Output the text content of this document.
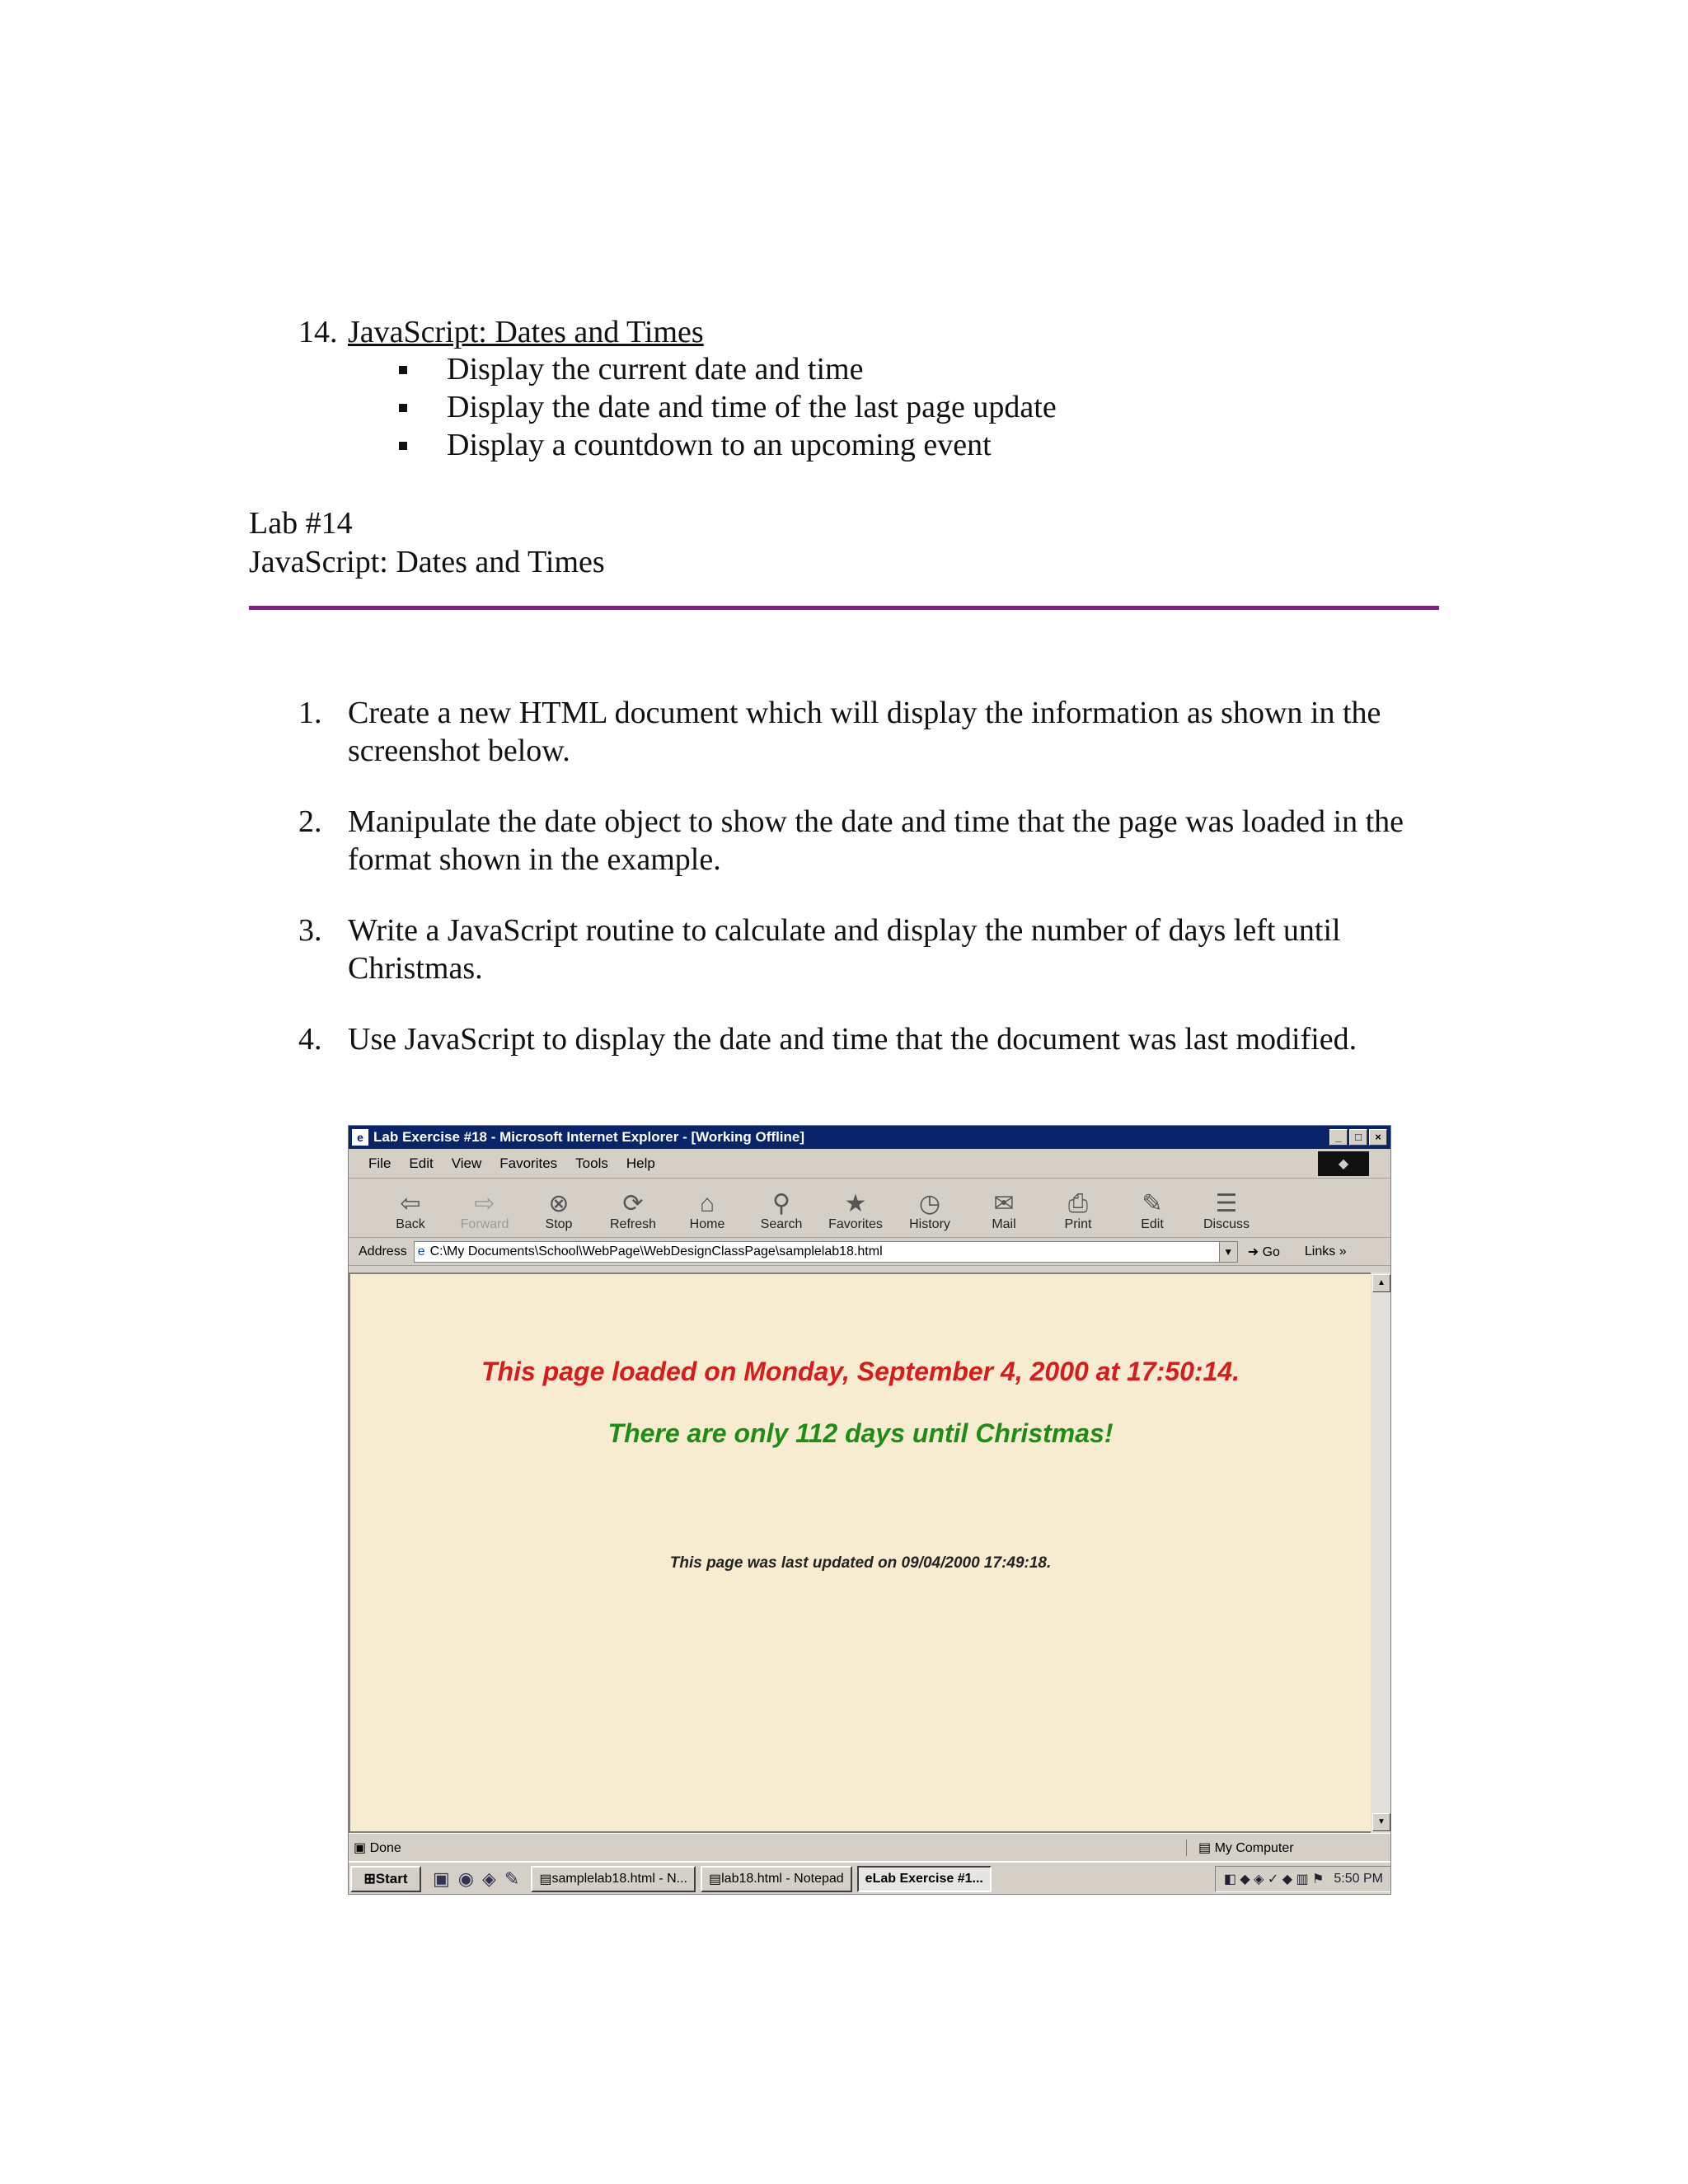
14. JavaScript: Dates and Times
Display the current date and time
Display the date and time of the last page update
Display a countdown to an upcoming event
Lab #14
JavaScript: Dates and Times
1. Create a new HTML document which will display the information as shown in the screenshot below.
2. Manipulate the date object to show the date and time that the page was loaded in the format shown in the example.
3. Write a JavaScript routine to calculate and display the number of days left until Christmas.
4. Use JavaScript to display the date and time that the document was last modified.
e Lab Exercise #18 - Microsoft Internet Explorer - [Working Offline]	_	□	×
File Edit View Favorites Tools Help	◆
⇦
Back
⇨
Forward
⊗
Stop
⟳
Refresh
⌂
Home
⚲
Search
★
Favorites
◷
History
✉
Mail
⎙
Print
✎
Edit
☰
Discuss
Address e C:\My Documents\School\WebPage\WebDesignClassPage\samplelab18.html	▼ ➜ Go Links »
This page loaded on Monday, September 4, 2000 at 17:50:14.
There are only 112 days until Christmas!
This page was last updated on 09/04/2000 17:49:18.
▲
▼
▣ Done	▤ My Computer
⊞ Start ▣ ◉ ◈ ✎	▤ samplelab18.html - N...	▤ lab18.html - Notepad	e Lab Exercise #1...	◧ ◆ ◈ ✓ ◆ ▥ ⚑ 5:50 PM
